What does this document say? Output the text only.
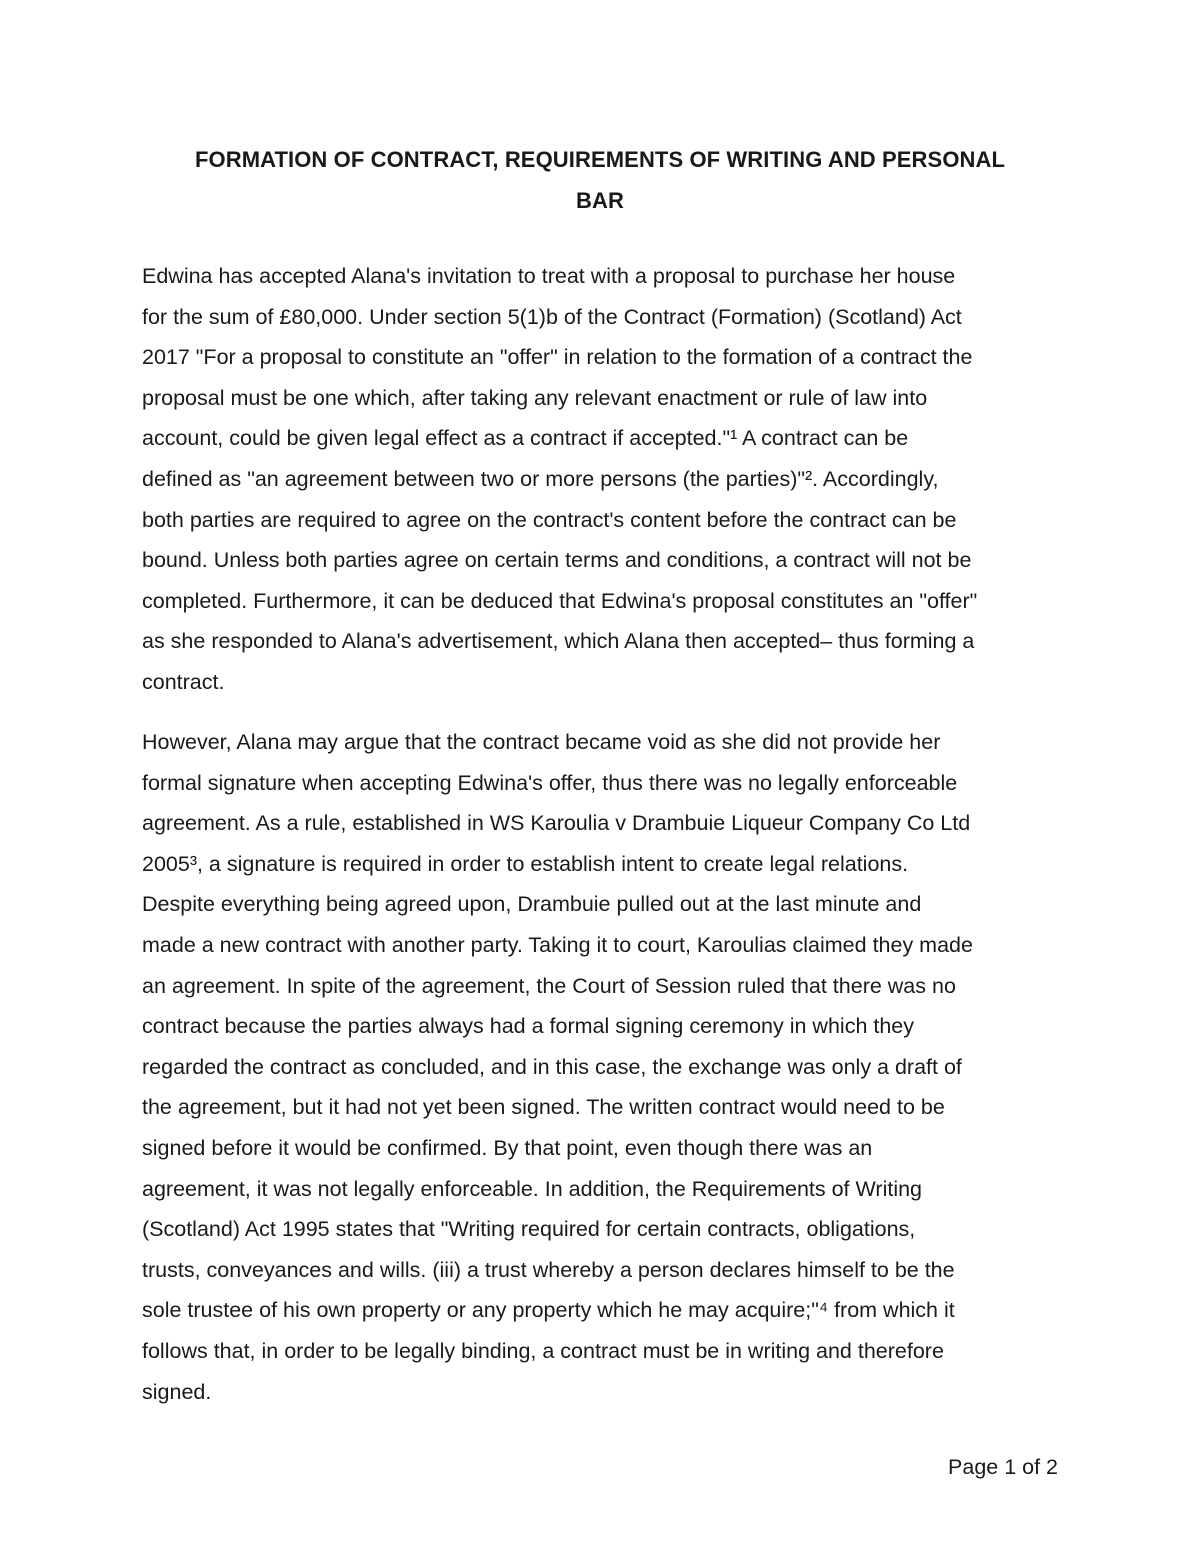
FORMATION OF CONTRACT, REQUIREMENTS OF WRITING AND PERSONAL
BAR

Edwina has accepted Alana's invitation to treat with a proposal to purchase her house
for the sum of £80,000. Under section 5(1)b of the Contract (Formation) (Scotland) Act
2017 "For a proposal to constitute an "offer" in relation to the formation of a contract the
proposal must be one which, after taking any relevant enactment or rule of law into
account, could be given legal effect as a contract if accepted."¹ A contract can be
defined as "an agreement between two or more persons (the parties)"². Accordingly,
both parties are required to agree on the contract's content before the contract can be
bound. Unless both parties agree on certain terms and conditions, a contract will not be
completed. Furthermore, it can be deduced that Edwina's proposal constitutes an "offer"
as she responded to Alana's advertisement, which Alana then accepted– thus forming a
contract.

However, Alana may argue that the contract became void as she did not provide her
formal signature when accepting Edwina's offer, thus there was no legally enforceable
agreement. As a rule, established in WS Karoulia v Drambuie Liqueur Company Co Ltd
2005³, a signature is required in order to establish intent to create legal relations.
Despite everything being agreed upon, Drambuie pulled out at the last minute and
made a new contract with another party. Taking it to court, Karoulias claimed they made
an agreement. In spite of the agreement, the Court of Session ruled that there was no
contract because the parties always had a formal signing ceremony in which they
regarded the contract as concluded, and in this case, the exchange was only a draft of
the agreement, but it had not yet been signed. The written contract would need to be
signed before it would be confirmed. By that point, even though there was an
agreement, it was not legally enforceable. In addition, the Requirements of Writing
(Scotland) Act 1995 states that "Writing required for certain contracts, obligations,
trusts, conveyances and wills. (iii) a trust whereby a person declares himself to be the
sole trustee of his own property or any property which he may acquire;"⁴ from which it
follows that, in order to be legally binding, a contract must be in writing and therefore
signed.

Page 1 of 2
